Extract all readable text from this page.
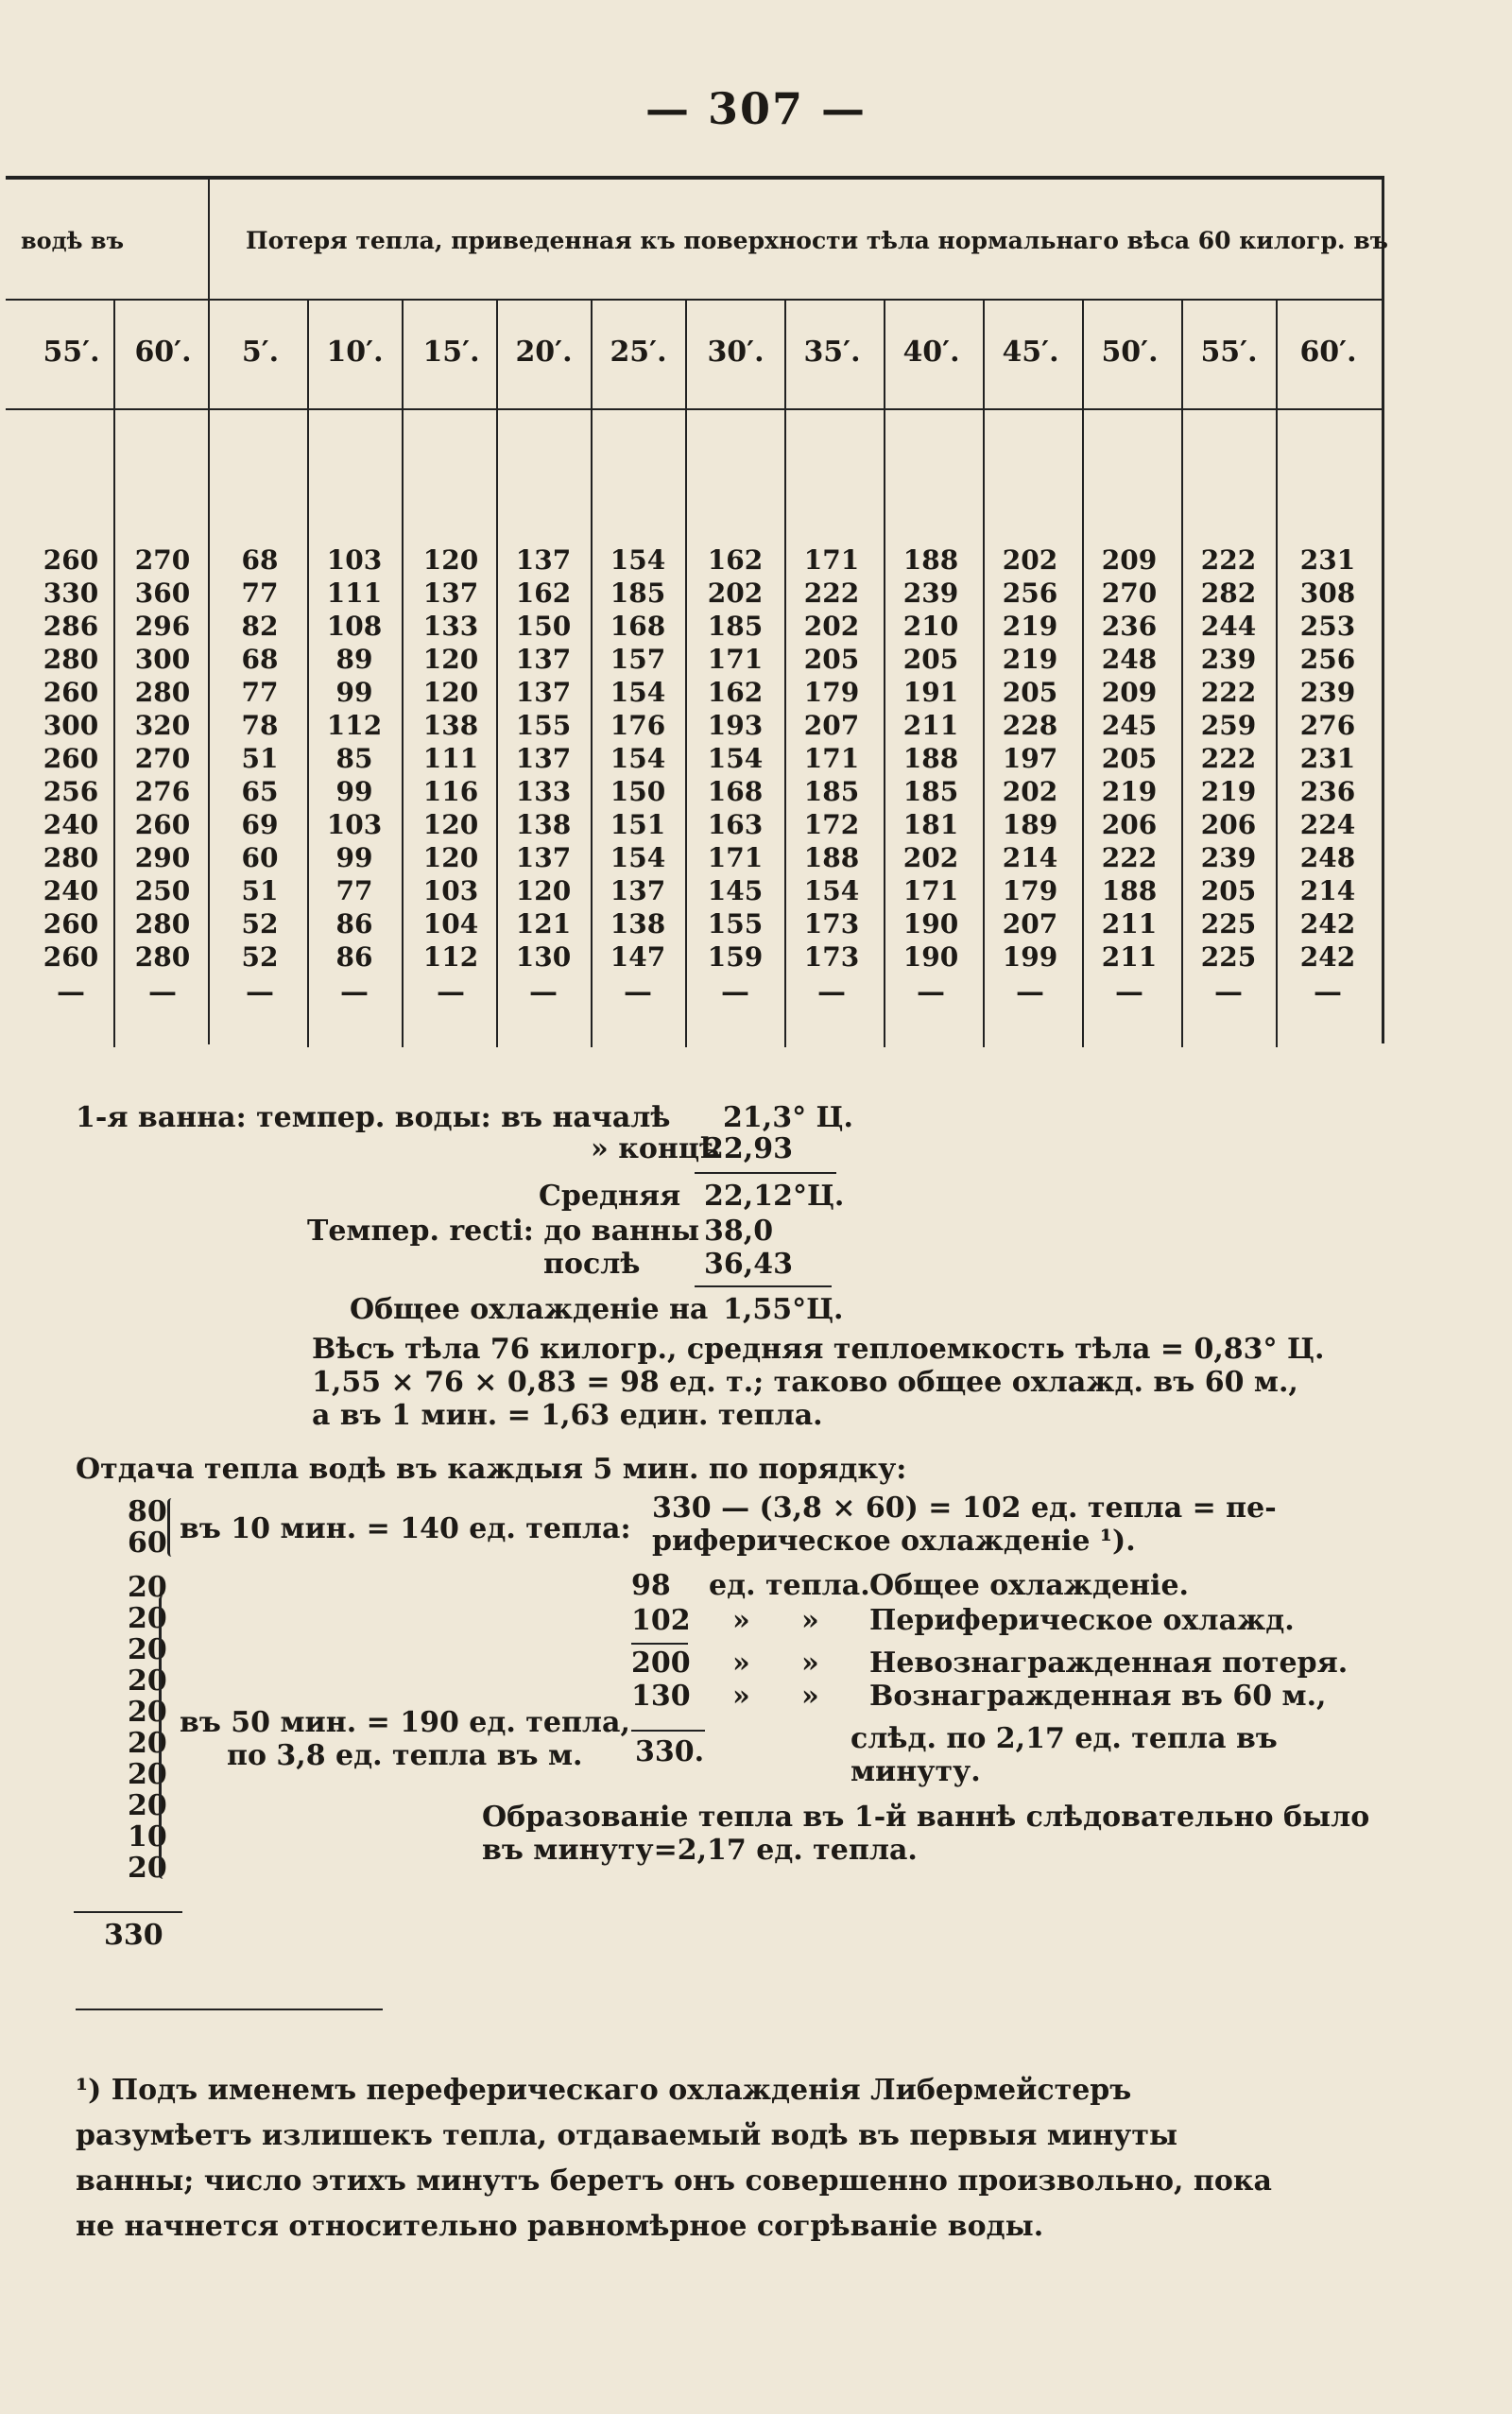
— 307 —
водѣ въ	Потеря тепла, приведенная къ поверхности тѣла нормальнаго вѣса 60 килогр. въ
55′.	60′.	5′.	10′.	15′.	20′.	25′.	30′.	35′.	40′.	45′.	50′.	55′.	60′.
260	270	68	103	120	137	154	162	171	188	202	209	222	231
330	360	77	111	137	162	185	202	222	239	256	270	282	308
286	296	82	108	133	150	168	185	202	210	219	236	244	253
280	300	68	89	120	137	157	171	205	205	219	248	239	256
260	280	77	99	120	137	154	162	179	191	205	209	222	239
300	320	78	112	138	155	176	193	207	211	228	245	259	276
260	270	51	85	111	137	154	154	171	188	197	205	222	231
256	276	65	99	116	133	150	168	185	185	202	219	219	236
240	260	69	103	120	138	151	163	172	181	189	206	206	224
280	290	60	99	120	137	154	171	188	202	214	222	239	248
240	250	51	77	103	120	137	145	154	171	179	188	205	214
260	280	52	86	104	121	138	155	173	190	207	211	225	242
260	280	52	86	112	130	147	159	173	190	199	211	225	242
—	—	—	—	—	—	—	—	—	—	—	—	—	—
1-я ванна: темпер. воды: въ началѣ 21,3° Ц.
» концѣ
22,93
Средняя 22,12°Ц.
Темпер. recti: до ванны 38,0
послѣ 36,43
Общее охлажденіе на 1,55°Ц.
Вѣсъ тѣла 76 килогр., средняя теплоемкость тѣла = 0,83° Ц.
1,55 × 76 × 0,83 = 98 ед. т.; таково общее охлажд. въ 60 м.,
а въ 1 мин. = 1,63 един. тепла.
Отдача тепла водѣ въ каждыя 5 мин. по порядку:
80
60 въ 10 мин. = 140 ед. тепла:
330 — (3,8 × 60) = 102 ед. тепла = пе-
риферическое охлажденіе ¹).
20
20
20
20
20
20
20
20
10
20
330
въ 50 мин. = 190 ед. тепла,
по 3,8 ед. тепла въ м.
98 ед. тепла. Общее охлажденіе.
102 » » Периферическое охлажд.
200 » » Невознагражденная потеря.
130 » » Вознагражденная въ 60 м.,
330.	слѣд. по 2,17 ед. тепла въ
минуту.
Образованіе тепла въ 1-й ваннѣ слѣдовательно было
въ минуту=2,17 ед. тепла.
¹) Подъ именемъ переферическаго охлажденія Либермейстеръ разумѣетъ излишекъ тепла, отдаваемый водѣ въ первыя минуты ванны; число этихъ минутъ беретъ онъ совершенно произвольно, пока не начнется относительно равномѣрное согрѣваніе воды.
